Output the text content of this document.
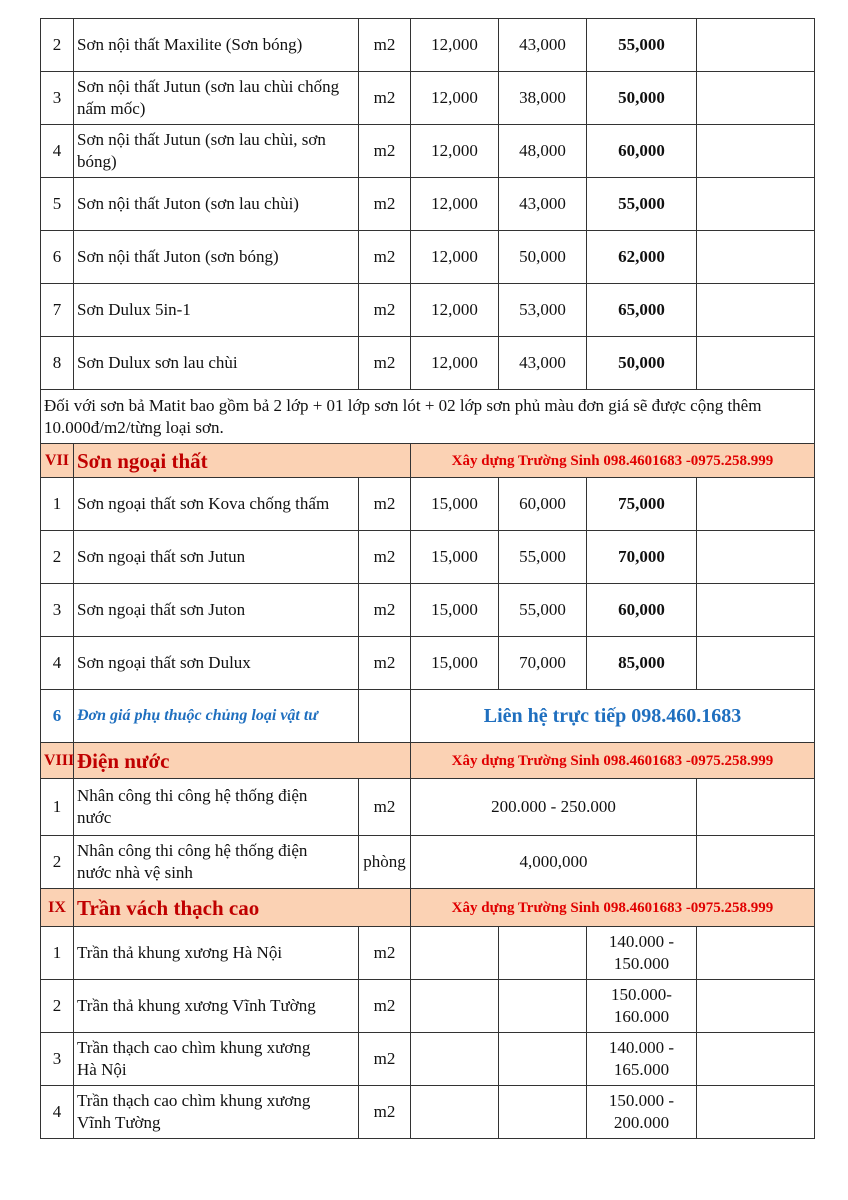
2	Sơn nội thất Maxilite (Sơn bóng)	m2	12,000	43,000	55,000	
3	Sơn nội thất Jutun (sơn lau chùi chống nấm mốc)	m2	12,000	38,000	50,000	
4	Sơn nội thất Jutun (sơn lau chùi, sơn bóng)	m2	12,000	48,000	60,000	
5	Sơn nội thất Juton (sơn lau chùi)	m2	12,000	43,000	55,000	
6	Sơn nội thất Juton (sơn bóng)	m2	12,000	50,000	62,000	
7	Sơn Dulux 5in-1	m2	12,000	53,000	65,000	
8	Sơn Dulux sơn lau chùi	m2	12,000	43,000	50,000	
Đối với sơn bả Matit bao gồm bả 2 lớp + 01 lớp sơn lót + 02 lớp sơn phủ màu đơn giá sẽ được cộng thêm 10.000đ/m2/từng loại sơn.						
VII	Sơn ngoại thất		Xây dựng Trường Sinh 098.4601683 -0975.258.999			
1	Sơn ngoại thất sơn Kova chống thấm	m2	15,000	60,000	75,000	
2	Sơn ngoại thất sơn Jutun	m2	15,000	55,000	70,000	
3	Sơn ngoại thất sơn Juton	m2	15,000	55,000	60,000	
4	Sơn ngoại thất sơn Dulux	m2	15,000	70,000	85,000	
6	Đơn giá phụ thuộc chủng loại vật tư		Liên hệ trực tiếp 098.460.1683			
VIII	Điện nước		Xây dựng Trường Sinh 098.4601683 -0975.258.999			
1	Nhân công thi công hệ thống điện
nước	m2	200.000 - 250.000			
2	Nhân công thi công hệ thống điện
nước nhà vệ sinh	phòng	4,000,000			
IX	Trần vách thạch cao		Xây dựng Trường Sinh 098.4601683 -0975.258.999			
1	Trần thả khung xương Hà Nội	m2			140.000 -
150.000	

2	Trần thả khung xương Vĩnh Tường	m2			150.000-
160.000	

3	Trần thạch cao chìm khung xương
Hà Nội	m2			140.000 -
165.000	

4	Trần thạch cao chìm khung xương
Vĩnh Tường	m2			150.000 -
200.000	
